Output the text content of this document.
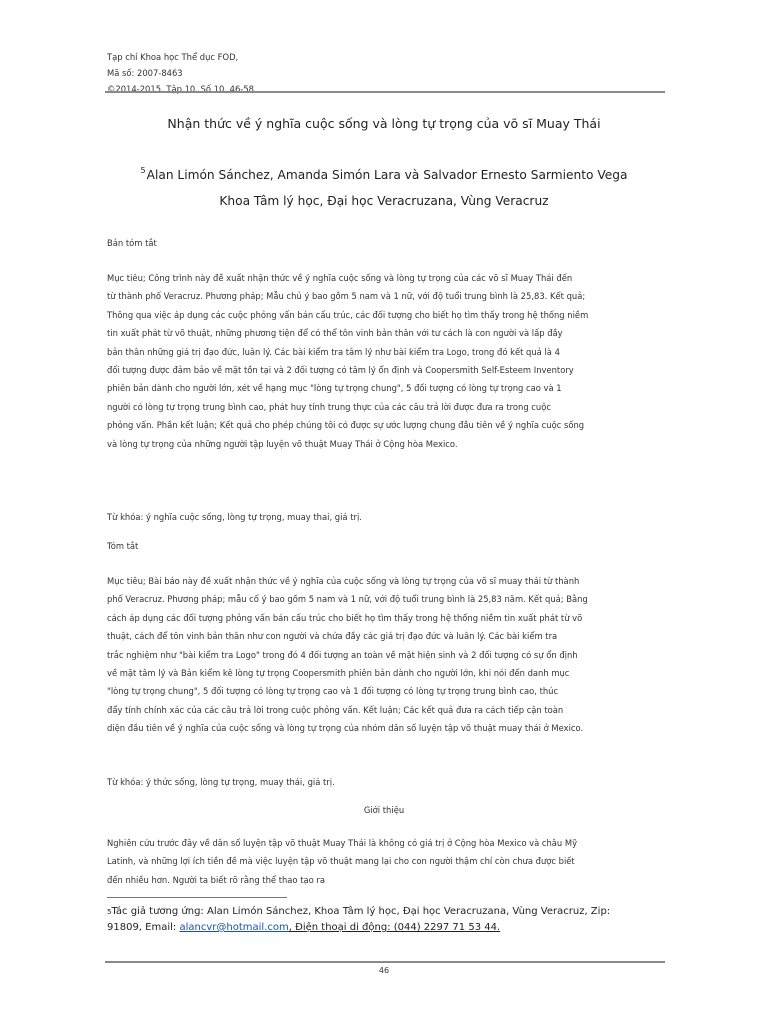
Tạp chí Khoa học Thể dục FOD,
Mã số: 2007-8463
©2014-2015, Tập 10, Số 10, 46-58
Nhận thức về ý nghĩa cuộc sống và lòng tự trọng của võ sĩ Muay Thái
$^5$Alan Limón Sánchez, Amanda Simón Lara và Salvador Ernesto Sarmiento Vega
Khoa Tâm lý học, Đại học Veracruzana, Vùng Veracruz
Bản tóm tắt
Mục tiêu; Công trình này đề xuất nhận thức về ý nghĩa cuộc sống và lòng tự trọng của các võ sĩ Muay Thái đến
từ thành phố Veracruz. Phương pháp; Mẫu chủ ý bao gồm 5 nam và 1 nữ, với độ tuổi trung bình là 25,83. Kết quả;
Thông qua việc áp dụng các cuộc phỏng vấn bán cấu trúc, các đối tượng cho biết họ tìm thấy trong hệ thống niềm
tin xuất phát từ võ thuật, những phương tiện để có thể tôn vinh bản thân với tư cách là con người và lấp đầy
bản thân những giá trị đạo đức, luân lý. Các bài kiểm tra tâm lý như bài kiểm tra Logo, trong đó kết quả là 4
đối tượng được đảm bảo về mặt tồn tại và 2 đối tượng có tâm lý ổn định và Coopersmith Self-Esteem Inventory
phiên bản dành cho người lớn, xét về hạng mục "lòng tự trọng chung", 5 đối tượng có lòng tự trọng cao và 1
người có lòng tự trọng trung bình cao, phát huy tính trung thực của các câu trả lời được đưa ra trong cuộc
phỏng vấn. Phần kết luận; Kết quả cho phép chúng tôi có được sự ước lượng chung đầu tiên về ý nghĩa cuộc sống
và lòng tự trọng của những người tập luyện võ thuật Muay Thái ở Cộng hòa Mexico.
Từ khóa: ý nghĩa cuộc sống, lòng tự trọng, muay thai, giá trị.
Tóm tắt
Mục tiêu; Bài báo này đề xuất nhận thức về ý nghĩa của cuộc sống và lòng tự trọng của võ sĩ muay thái từ thành
phố Veracruz. Phương pháp; mẫu cố ý bao gồm 5 nam và 1 nữ, với độ tuổi trung bình là 25,83 năm. Kết quả; Bằng
cách áp dụng các đối tượng phỏng vấn bán cấu trúc cho biết họ tìm thấy trong hệ thống niềm tin xuất phát từ võ
thuật, cách để tôn vinh bản thân như con người và chứa đầy các giá trị đạo đức và luân lý. Các bài kiểm tra
trắc nghiệm như "bài kiểm tra Logo" trong đó 4 đối tượng an toàn về mặt hiện sinh và 2 đối tượng có sự ổn định
về mặt tâm lý và Bản kiểm kê lòng tự trọng Coopersmith phiên bản dành cho người lớn, khi nói đến danh mục
"lòng tự trọng chung", 5 đối tượng có lòng tự trọng cao và 1 đối tượng có lòng tự trọng trung bình cao, thúc
đẩy tính chính xác của các câu trả lời trong cuộc phỏng vấn. Kết luận; Các kết quả đưa ra cách tiếp cận toàn
diện đầu tiên về ý nghĩa của cuộc sống và lòng tự trọng của nhóm dân số luyện tập võ thuật muay thái ở Mexico.
Từ khóa: ý thức sống, lòng tự trọng, muay thái, giá trị.
Giới thiệu
Nghiên cứu trước đây về dân số luyện tập võ thuật Muay Thái là không có giá trị ở Cộng hòa Mexico và châu Mỹ
Latinh, và những lợi ích tiền đề mà việc luyện tập võ thuật mang lại cho con người thậm chí còn chưa được biết
đến nhiều hơn. Người ta biết rõ rằng thể thao tạo ra
$^5$Tác giả tương ứng: Alan Limón Sánchez, Khoa Tâm lý học, Đại học Veracruzana, Vùng Veracruz, Zip:
91809, Email: alancvr@hotmail.com, Điện thoại di động: (044) 2297 71 53 44.
46
